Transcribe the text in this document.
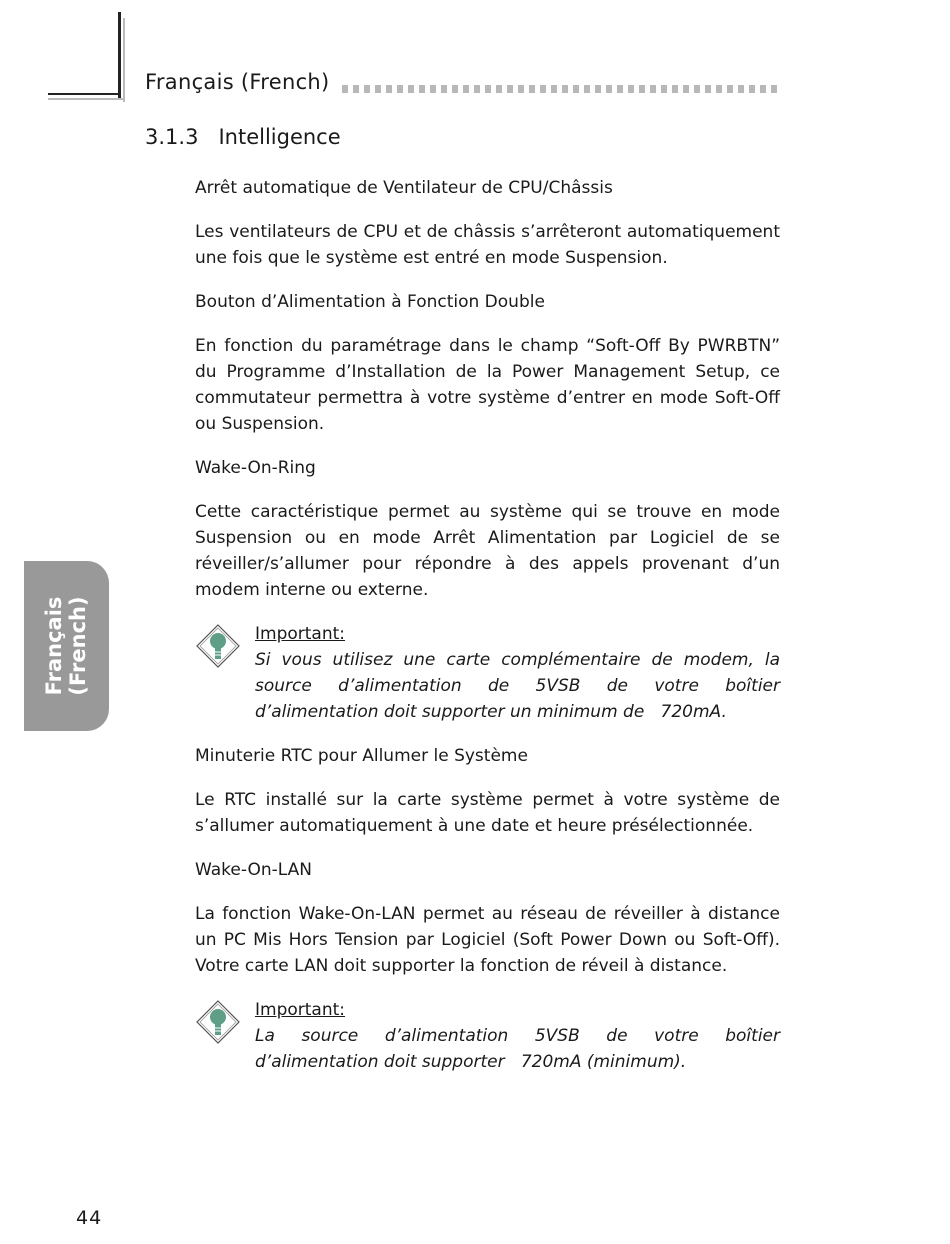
Français (French)
3.1.3   Intelligence
Arrêt automatique de Ventilateur de CPU/Châssis
Les ventilateurs de CPU et de châssis s’arrêteront automatiquement une fois que le système est entré en mode Suspension.
Bouton d’Alimentation à Fonction Double
En fonction du paramétrage dans le champ “Soft-Off By PWRBTN” du Programme d’Installation de la Power Management Setup, ce commutateur permettra à votre système d’entrer en mode Soft-Off ou Suspension.
Wake-On-Ring
Cette caractéristique permet au système qui se trouve en mode Suspension ou en mode Arrêt Alimentation par Logiciel de se réveiller/s’allumer pour répondre à des appels provenant d’un modem interne ou externe.
Important:
Si vous utilisez une carte complémentaire de modem, la source d’alimentation de 5VSB de votre boîtier d’alimentation doit supporter un minimum de   720mA.
Minuterie RTC pour Allumer le Système
Le RTC installé sur la carte système permet à votre système de s’allumer automatiquement à une date et heure présélectionnée.
Wake-On-LAN
La fonction Wake-On-LAN permet au réseau de réveiller à distance un PC Mis Hors Tension par Logiciel (Soft Power Down ou Soft-Off). Votre carte LAN doit supporter la fonction de réveil à distance.
Important:
La source d’alimentation 5VSB de votre boîtier d’alimentation doit supporter   720mA (minimum).
Français (French)
44
